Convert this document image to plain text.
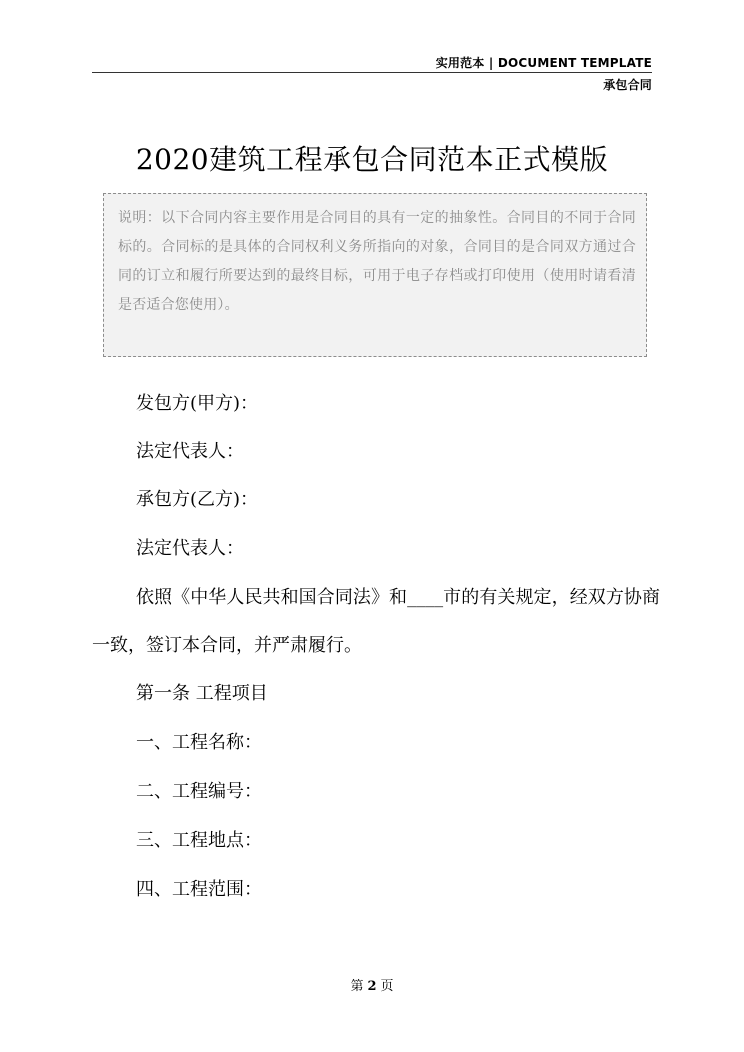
实用范本 | DOCUMENT TEMPLATE
承包合同
2020建筑工程承包合同范本正式模版

说明：以下合同内容主要作用是合同目的具有一定的抽象性。合同目的不同于合同标的。合同标的是具体的合同权利义务所指向的对象，合同目的是合同双方通过合同的订立和履行所要达到的最终目标，可用于电子存档或打印使用（使用时请看清是否适合您使用）。

发包方(甲方)：

法定代表人：

承包方(乙方)：

法定代表人：

依照《中华人民共和国合同法》和____市的有关规定，经双方协商一致，签订本合同，并严肃履行。

第一条 工程项目

一、工程名称：

二、工程编号：

三、工程地点：

四、工程范围：

第 2 页
